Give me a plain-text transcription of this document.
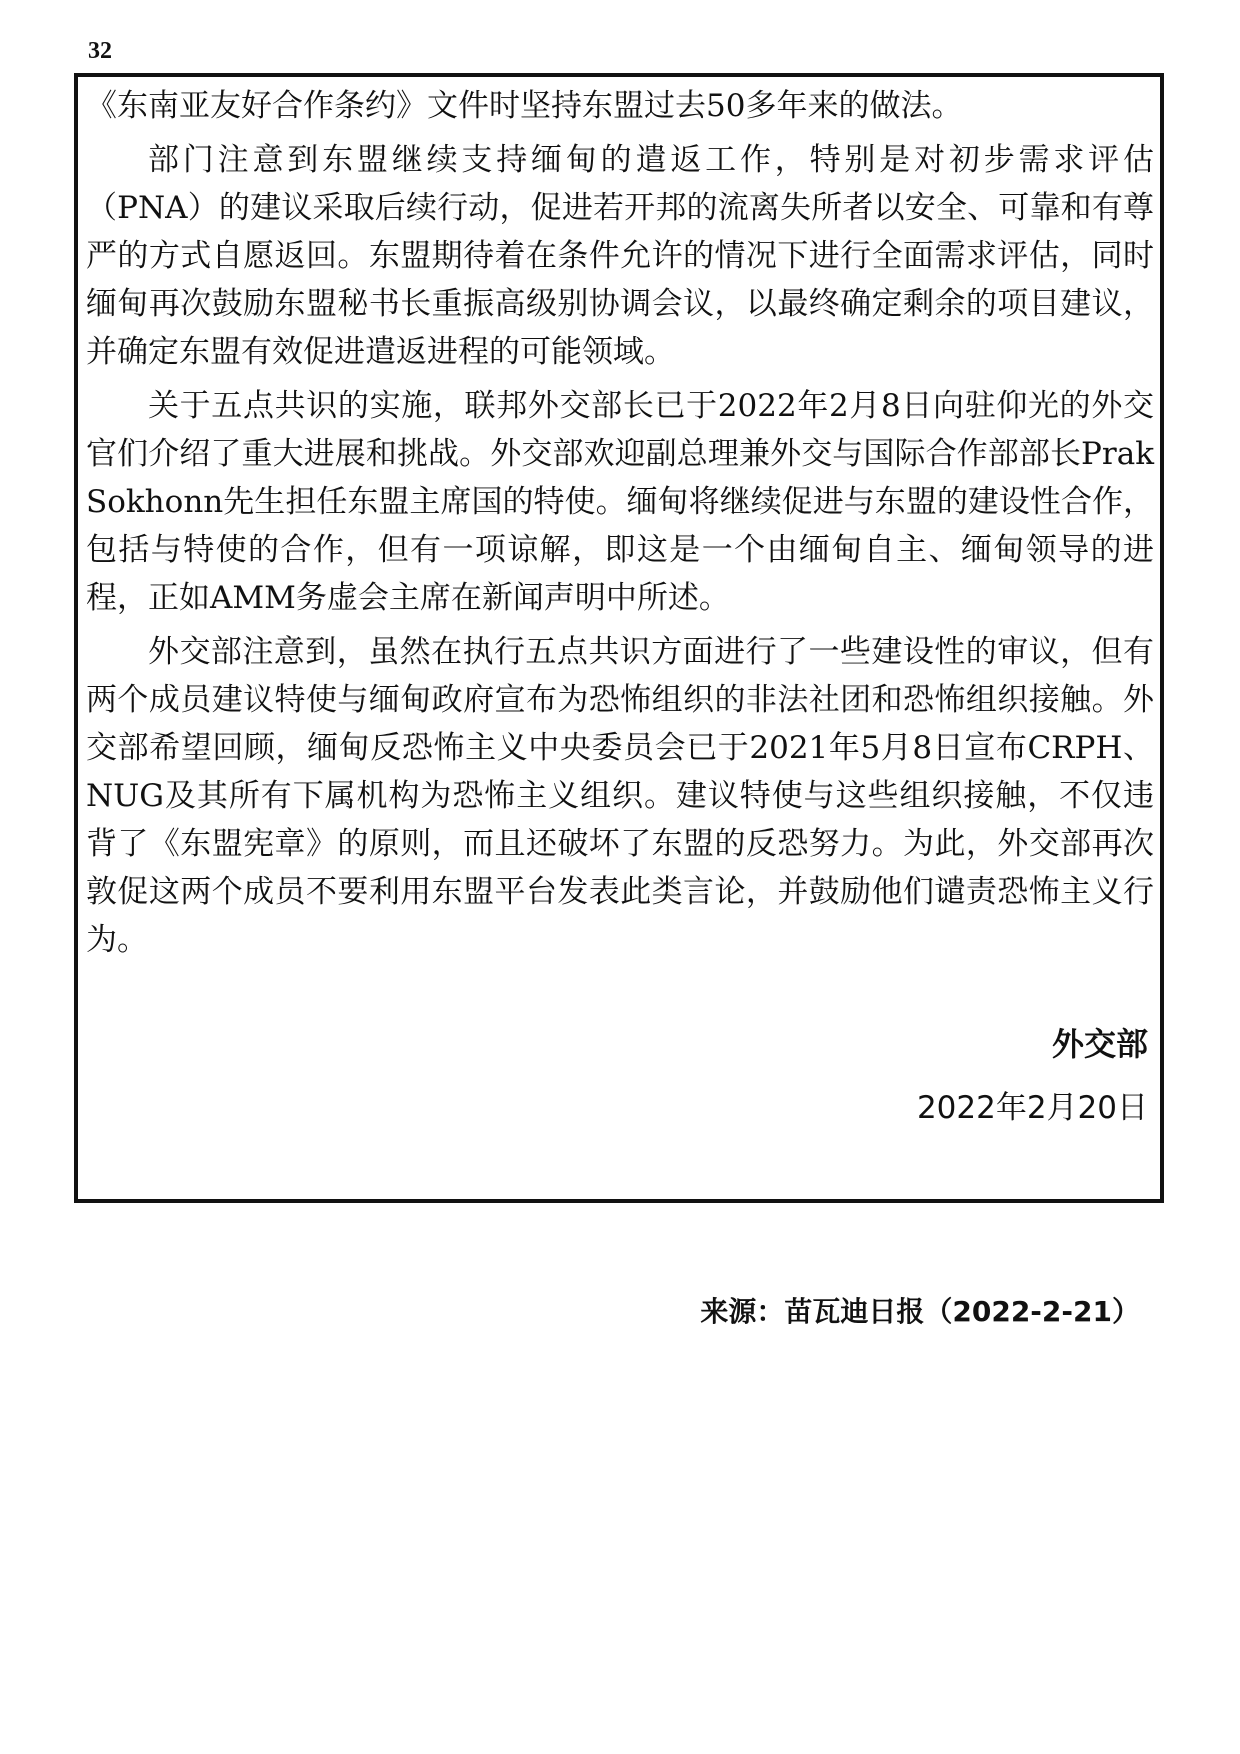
32

《东南亚友好合作条约》文件时坚持东盟过去50多年来的做法。

部门注意到东盟继续支持缅甸的遣返工作，特别是对初步需求评估（PNA）的建议采取后续行动，促进若开邦的流离失所者以安全、可靠和有尊严的方式自愿返回。东盟期待着在条件允许的情况下进行全面需求评估，同时缅甸再次鼓励东盟秘书长重振高级别协调会议，以最终确定剩余的项目建议，并确定东盟有效促进遣返进程的可能领域。

关于五点共识的实施，联邦外交部长已于2022年2月8日向驻仰光的外交官们介绍了重大进展和挑战。外交部欢迎副总理兼外交与国际合作部部长Prak Sokhonn先生担任东盟主席国的特使。缅甸将继续促进与东盟的建设性合作，包括与特使的合作，但有一项谅解，即这是一个由缅甸自主、缅甸领导的进程，正如AMM务虚会主席在新闻声明中所述。

外交部注意到，虽然在执行五点共识方面进行了一些建设性的审议，但有两个成员建议特使与缅甸政府宣布为恐怖组织的非法社团和恐怖组织接触。外交部希望回顾，缅甸反恐怖主义中央委员会已于2021年5月8日宣布CRPH、NUG及其所有下属机构为恐怖主义组织。建议特使与这些组织接触，不仅违背了《东盟宪章》的原则，而且还破坏了东盟的反恐努力。为此，外交部再次敦促这两个成员不要利用东盟平台发表此类言论，并鼓励他们谴责恐怖主义行为。

外交部
2022年2月20日
来源：苗瓦迪日报（2022-2-21）
